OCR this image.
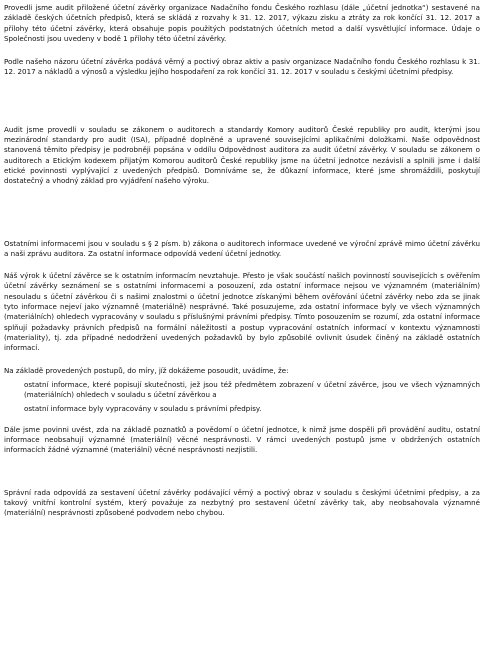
Provedli jsme audit přiložené účetní závěrky organizace Nadačního fondu Českého rozhlasu (dále „účetní jednotka“) sestavené na základě českých účetních předpisů, která se skládá z rozvahy k 31. 12. 2017, výkazu zisku a ztráty za rok končící 31. 12. 2017 a přílohy této účetní závěrky, která obsahuje popis použitých podstatných účetních metod a další vysvětlující informace. Údaje o Společnosti jsou uvedeny v bodě 1 přílohy této účetní závěrky.

Podle našeho názoru účetní závěrka podává věrný a poctivý obraz aktiv a pasiv organizace Nadačního fondu Českého rozhlasu k 31. 12. 2017 a nákladů a výnosů a výsledku jejího hospodaření za rok končící 31. 12. 2017 v souladu s českými účetními předpisy.

Audit jsme provedli v souladu se zákonem o auditorech a standardy Komory auditorů České republiky pro audit, kterými jsou mezinárodní standardy pro audit (ISA), případně doplněné a upravené souvisejícími aplikačními doložkami. Naše odpovědnost stanovená těmito předpisy je podrobněji popsána v oddílu Odpovědnost auditora za audit účetní závěrky. V souladu se zákonem o auditorech a Etickým kodexem přijatým Komorou auditorů České republiky jsme na účetní jednotce nezávislí a splnili jsme i další etické povinnosti vyplývající z uvedených předpisů. Domníváme se, že důkazní informace, které jsme shromáždili, poskytují dostatečný a vhodný základ pro vyjádření našeho výroku.

Ostatními informacemi jsou v souladu s § 2 písm. b) zákona o auditorech informace uvedené ve výroční zprávě mimo účetní závěrku a naši zprávu auditora. Za ostatní informace odpovídá vedení účetní jednotky.

Náš výrok k účetní závěrce se k ostatním informacím nevztahuje. Přesto je však součástí našich povinností souvisejících s ověřením účetní závěrky seznámení se s ostatními informacemi a posouzení, zda ostatní informace nejsou ve významném (materiálním) nesouladu s účetní závěrkou či s našimi znalostmi o účetní jednotce získanými během ověřování účetní závěrky nebo zda se jinak tyto informace nejeví jako významně (materiálně) nesprávné. Také posuzujeme, zda ostatní informace byly ve všech významných (materiálních) ohledech vypracovány v souladu s příslušnými právními předpisy. Tímto posouzením se rozumí, zda ostatní informace splňují požadavky právních předpisů na formální náležitosti a postup vypracování ostatních informací v kontextu významnosti (materiality), tj. zda případné nedodržení uvedených požadavků by bylo způsobilé ovlivnit úsudek činěný na základě ostatních informací.

Na základě provedených postupů, do míry, jíž dokážeme posoudit, uvádíme, že:

ostatní informace, které popisují skutečnosti, jež jsou též předmětem zobrazení v účetní závěrce, jsou ve všech významných (materiálních) ohledech v souladu s účetní závěrkou a
ostatní informace byly vypracovány v souladu s právními předpisy.

Dále jsme povinni uvést, zda na základě poznatků a povědomí o účetní jednotce, k nimž jsme dospěli při provádění auditu, ostatní informace neobsahují významné (materiální) věcné nesprávnosti. V rámci uvedených postupů jsme v obdržených ostatních informacích žádné významné (materiální) věcné nesprávnosti nezjistili.

Správní rada odpovídá za sestavení účetní závěrky podávající věrný a poctivý obraz v souladu s českými účetními předpisy, a za takový vnitřní kontrolní systém, který považuje za nezbytný pro sestavení účetní závěrky tak, aby neobsahovala významné (materiální) nesprávnosti způsobené podvodem nebo chybou.
